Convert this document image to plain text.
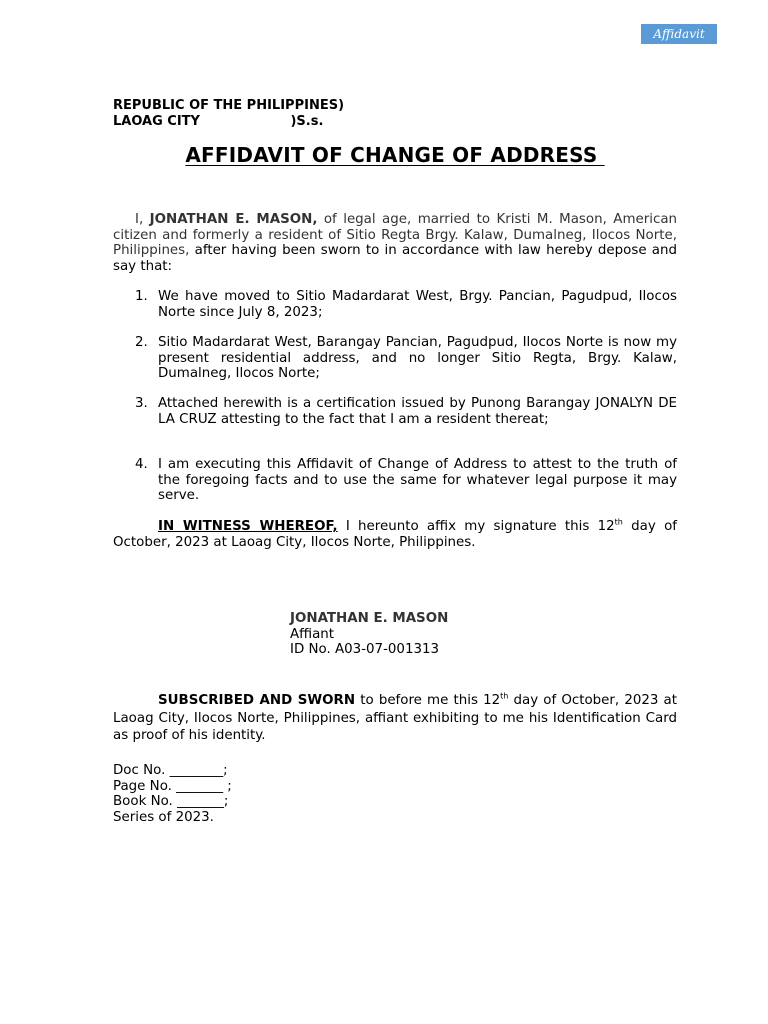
Affidavit
REPUBLIC OF THE PHILIPPINES)
LAOAG CITY                    )S.s.
AFFIDAVIT OF CHANGE OF ADDRESS
I, JONATHAN E. MASON, of legal age, married to Kristi M. Mason, American citizen and formerly a resident of Sitio Regta Brgy. Kalaw, Dumalneg, Ilocos Norte, Philippines, after having been sworn to in accordance with law hereby depose and say that:
1. We have moved to Sitio Madardarat West, Brgy. Pancian, Pagudpud, Ilocos Norte since July 8, 2023;
2. Sitio Madardarat West, Barangay Pancian, Pagudpud, Ilocos Norte is now my present residential address, and no longer Sitio Regta, Brgy. Kalaw, Dumalneg, Ilocos Norte;
3. Attached herewith is a certification issued by Punong Barangay JONALYN DE LA CRUZ attesting to the fact that I am a resident thereat;
4. I am executing this Affidavit of Change of Address to attest to the truth of the foregoing facts and to use the same for whatever legal purpose it may serve.
IN WITNESS WHEREOF, I hereunto affix my signature this 12th day of October, 2023 at Laoag City, Ilocos Norte, Philippines.
JONATHAN E. MASON
Affiant
ID No. A03-07-001313
SUBSCRIBED AND SWORN to before me this 12th day of October, 2023 at Laoag City, Ilocos Norte, Philippines, affiant exhibiting to me his Identification Card as proof of his identity.
Doc No. ________;
Page No. _______ ;
Book No. _______;
Series of 2023.
